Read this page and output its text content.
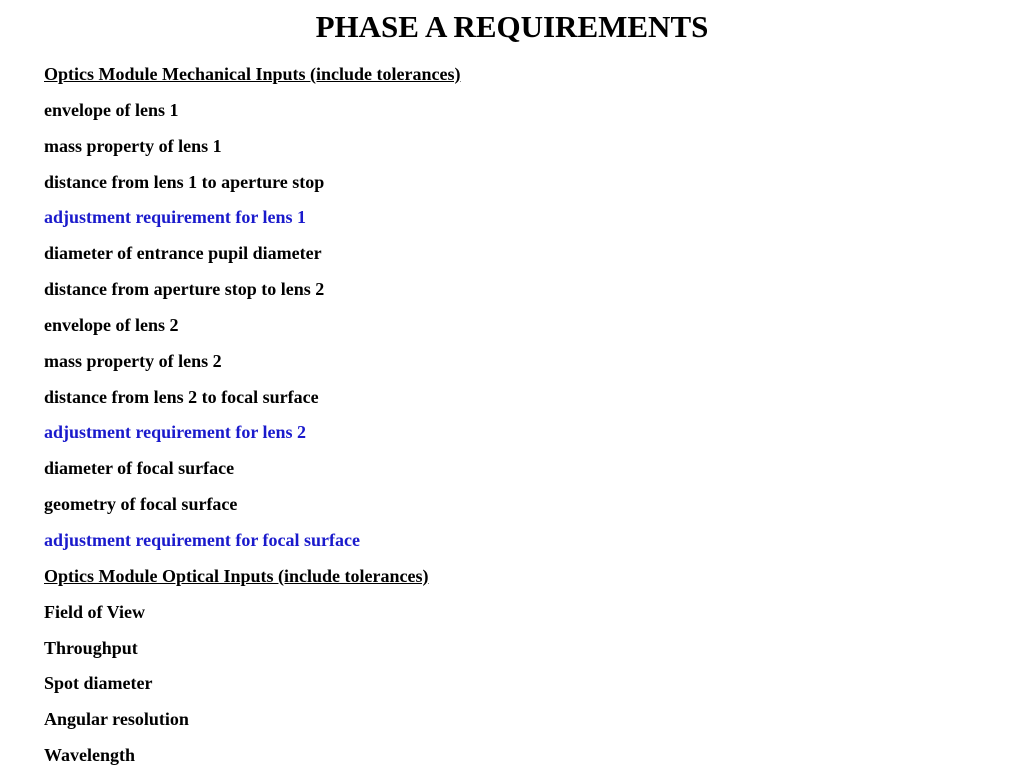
PHASE A REQUIREMENTS
Optics Module Mechanical Inputs (include tolerances)
envelope of lens 1
mass property of lens 1
distance from lens 1 to aperture stop
adjustment requirement for lens 1
diameter of entrance pupil diameter
distance from aperture stop to lens 2
envelope of lens 2
mass property of lens 2
distance from lens 2 to focal surface
adjustment requirement for lens 2
diameter of focal surface
geometry of focal surface
adjustment requirement for focal surface
Optics Module Optical Inputs (include tolerances)
Field of View
Throughput
Spot diameter
Angular resolution
Wavelength
